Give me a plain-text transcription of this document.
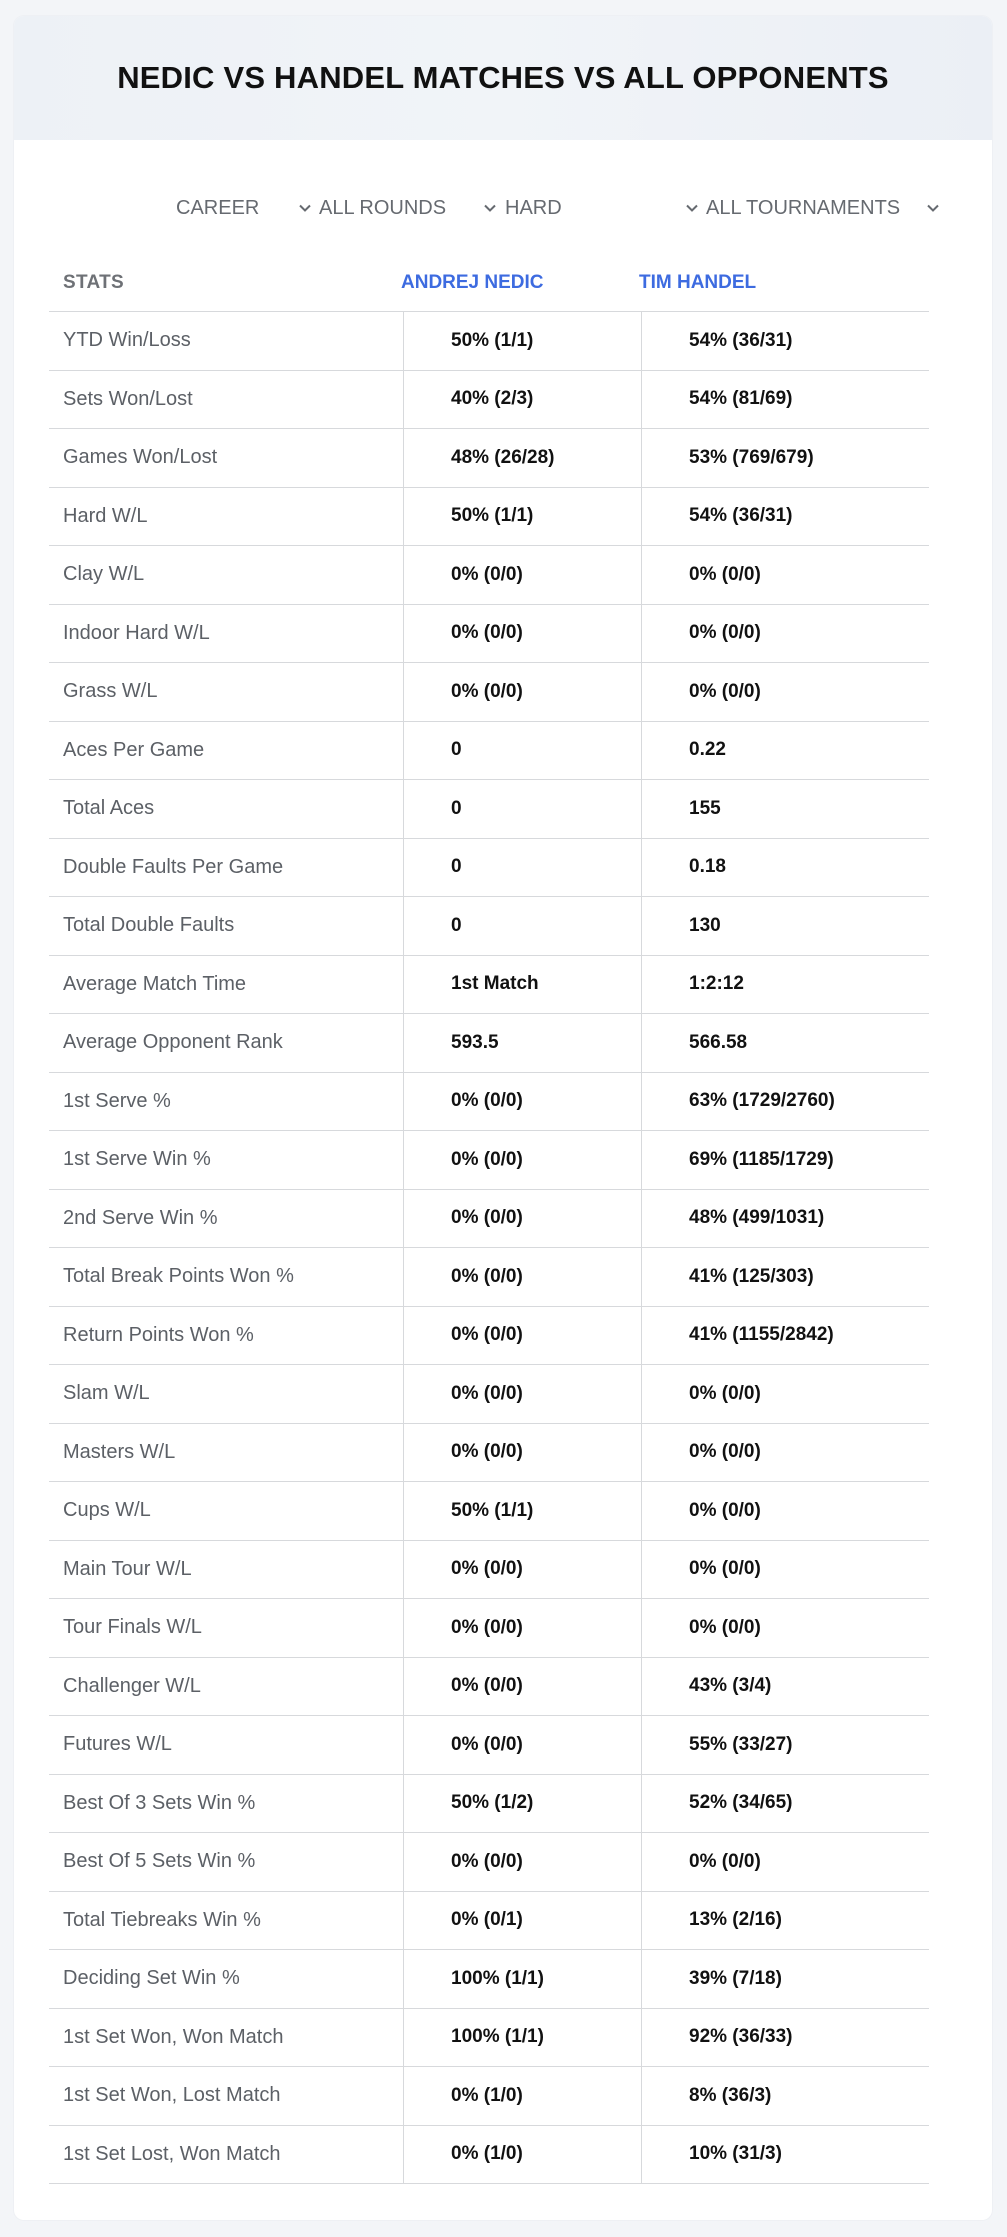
NEDIC VS HANDEL MATCHES VS ALL OPPONENTS
CAREER	ALL ROUNDS	HARD	ALL TOURNAMENTS
STATS	ANDREJ NEDIC	TIM HANDEL
YTD Win/Loss	50% (1/1)	54% (36/31)
Sets Won/Lost	40% (2/3)	54% (81/69)
Games Won/Lost	48% (26/28)	53% (769/679)
Hard W/L	50% (1/1)	54% (36/31)
Clay W/L	0% (0/0)	0% (0/0)
Indoor Hard W/L	0% (0/0)	0% (0/0)
Grass W/L	0% (0/0)	0% (0/0)
Aces Per Game	0	0.22
Total Aces	0	155
Double Faults Per Game	0	0.18
Total Double Faults	0	130
Average Match Time	1st Match	1:2:12
Average Opponent Rank	593.5	566.58
1st Serve %	0% (0/0)	63% (1729/2760)
1st Serve Win %	0% (0/0)	69% (1185/1729)
2nd Serve Win %	0% (0/0)	48% (499/1031)
Total Break Points Won %	0% (0/0)	41% (125/303)
Return Points Won %	0% (0/0)	41% (1155/2842)
Slam W/L	0% (0/0)	0% (0/0)
Masters W/L	0% (0/0)	0% (0/0)
Cups W/L	50% (1/1)	0% (0/0)
Main Tour W/L	0% (0/0)	0% (0/0)
Tour Finals W/L	0% (0/0)	0% (0/0)
Challenger W/L	0% (0/0)	43% (3/4)
Futures W/L	0% (0/0)	55% (33/27)
Best Of 3 Sets Win %	50% (1/2)	52% (34/65)
Best Of 5 Sets Win %	0% (0/0)	0% (0/0)
Total Tiebreaks Win %	0% (0/1)	13% (2/16)
Deciding Set Win %	100% (1/1)	39% (7/18)
1st Set Won, Won Match	100% (1/1)	92% (36/33)
1st Set Won, Lost Match	0% (1/0)	8% (36/3)
1st Set Lost, Won Match	0% (1/0)	10% (31/3)
